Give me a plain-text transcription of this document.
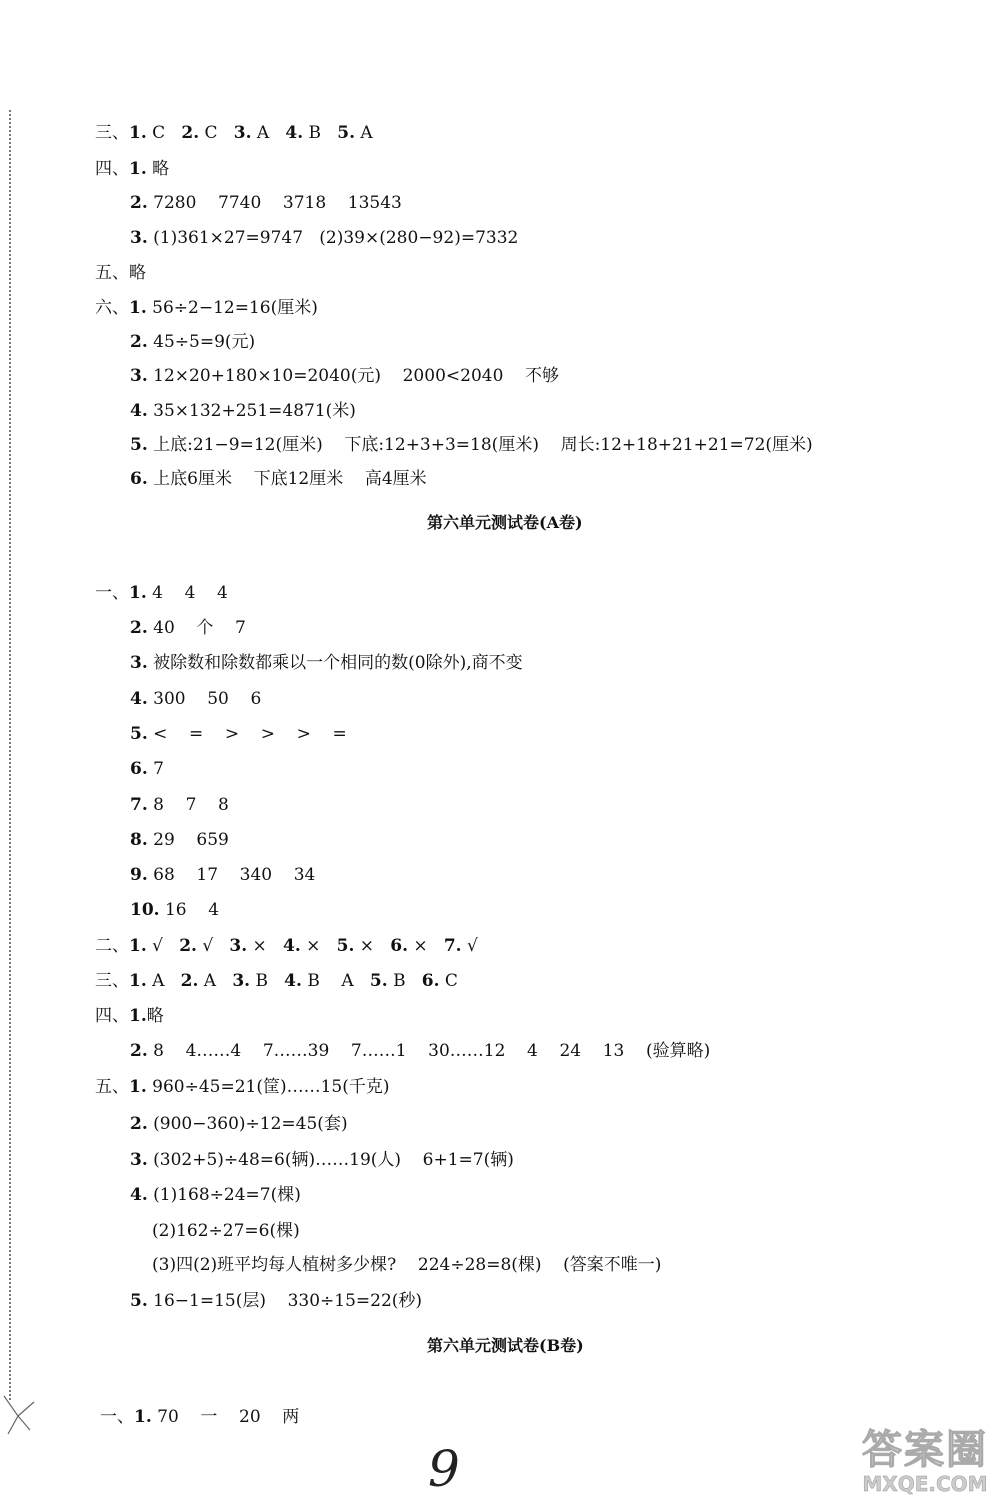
三、1. C   2. C   3. A   4. B   5. A
四、1. 略
2. 7280    7740    3718    13543
3. (1)361×27=9747   (2)39×(280−92)=7332
五、略
六、1. 56÷2−12=16(厘米)
2. 45÷5=9(元)
3. 12×20+180×10=2040(元)    2000<2040    不够
4. 35×132+251=4871(米)
5. 上底:21−9=12(厘米)    下底:12+3+3=18(厘米)    周长:12+18+21+21=72(厘米)
6. 上底6厘米    下底12厘米    高4厘米
一、1. 4    4    4
2. 40    个    7
3. 被除数和除数都乘以一个相同的数(0除外),商不变
4. 300    50    6
5. <    =    >    >    >    =
6. 7
7. 8    7    8
8. 29    659
9. 68    17    340    34
10. 16    4
二、1. √   2. √   3. ×   4. ×   5. ×   6. ×   7. √
三、1. A   2. A   3. B   4. B    A   5. B   6. C
四、1.略
2. 8    4……4    7……39    7……1    30……12    4    24    13    (验算略)
五、1. 960÷45=21(筐)……15(千克)
2. (900−360)÷12=45(套)
3. (302+5)÷48=6(辆)……19(人)    6+1=7(辆)
4. (1)168÷24=7(棵)
(2)162÷27=6(棵)
(3)四(2)班平均每人植树多少棵?    224÷28=8(棵)    (答案不唯一)
5. 16−1=15(层)    330÷15=22(秒)
一、1. 70    一    20    两
第六单元测试卷(A卷)
第六单元测试卷(B卷)
9	答案圈
MXQE.COM
